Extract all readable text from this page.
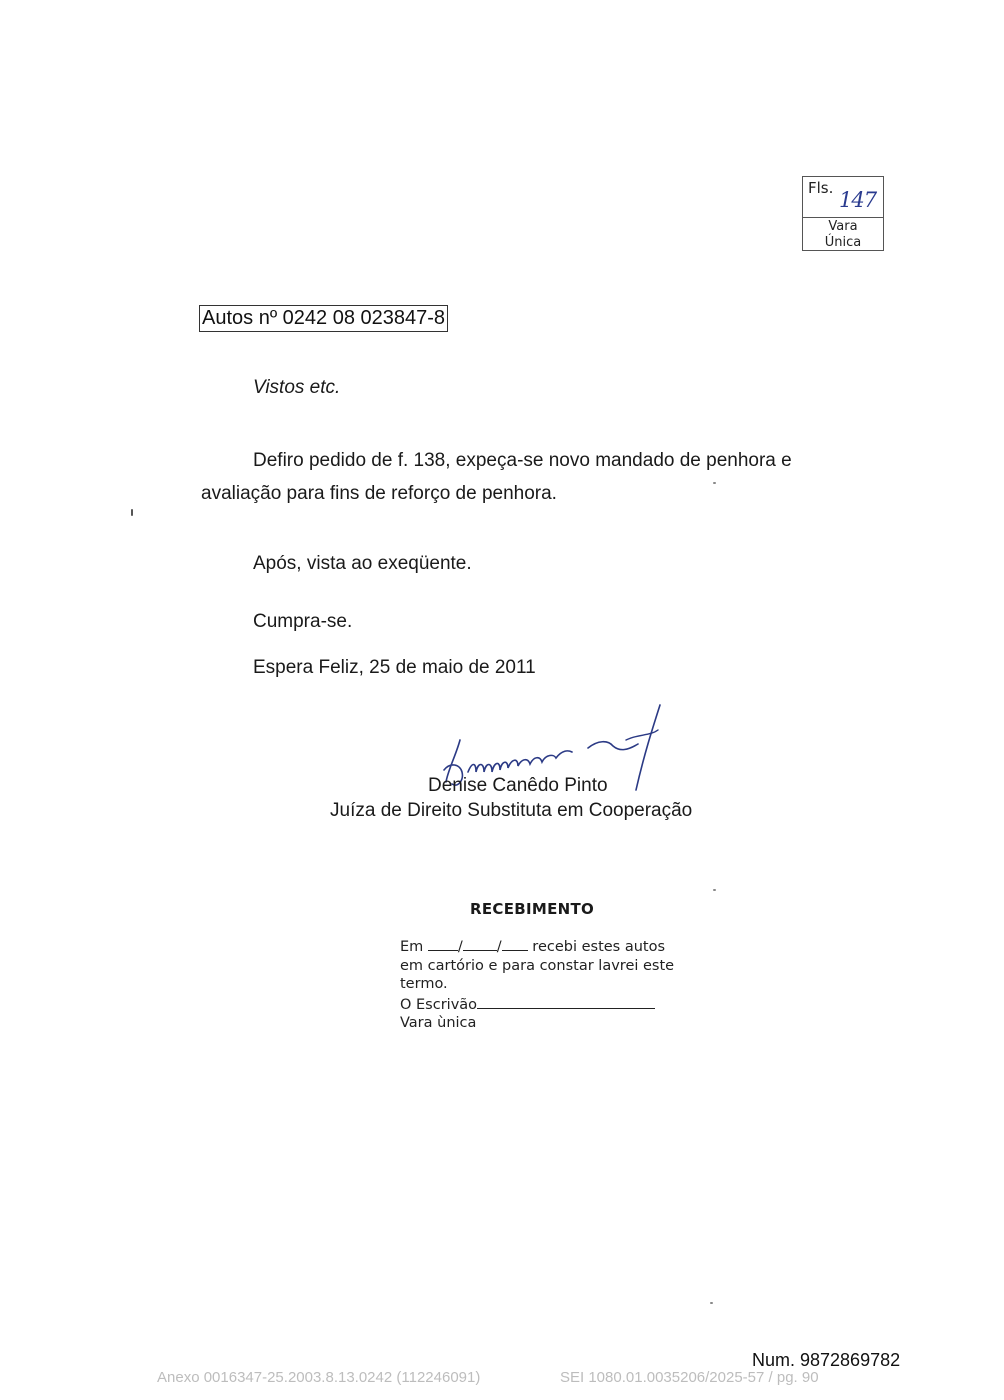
Fls. 147
Vara
Única
Autos nº 0242 08 023847-8
Vistos etc.
Defiro pedido de f. 138, expeça-se novo mandado de penhora e
avaliação para fins de reforço de penhora.
Após, vista ao exeqüente.
Cumpra-se.
Espera Feliz, 25 de maio de 2011
Denise Canêdo Pinto
Juíza de Direito Substituta em Cooperação
RECEBIMENTO
Em / / recebi estes autos
em cartório e para constar lavrei este
termo.
O Escrivão
Vara ùnica
Num. 9872869782
Anexo 0016347-25.2003.8.13.0242 (112246091)	SEI 1080.01.0035206/2025-57 / pg. 90
